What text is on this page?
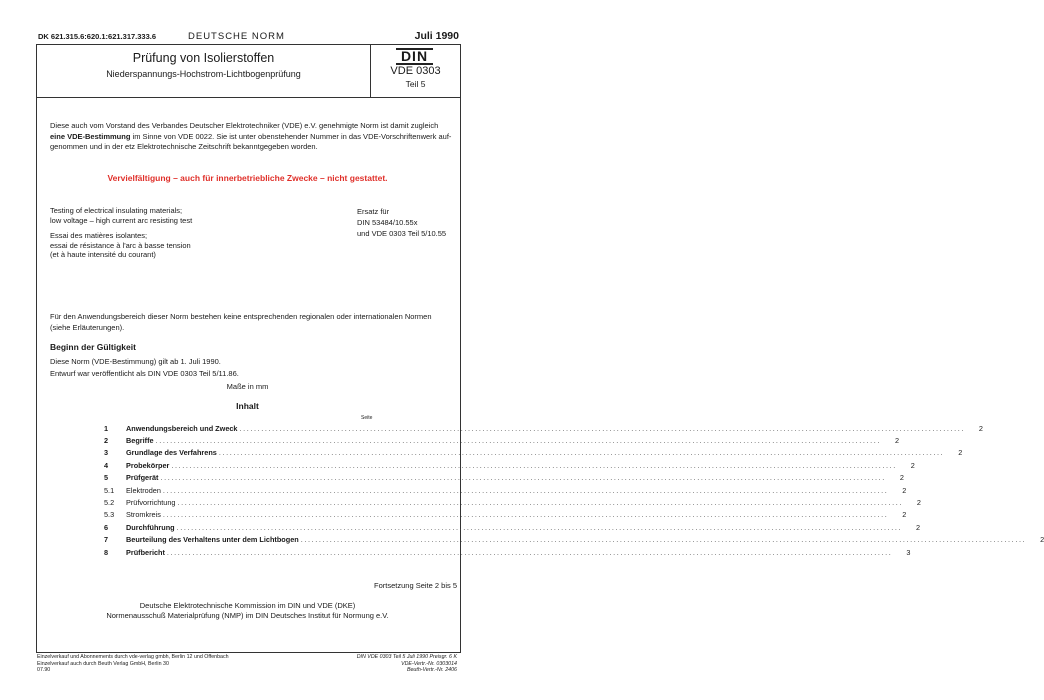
DK 621.315.6:620.1:621.317.333.6	DEUTSCHE NORM	Juli 1990
Prüfung von Isolierstoffen
Niederspannungs-Hochstrom-Lichtbogenprüfung
DIN
VDE 0303
Teil 5
Diese auch vom Vorstand des Verbandes Deutscher Elektrotechniker (VDE) e.V. genehmigte Norm ist damit zugleich
eine VDE-Bestimmung im Sinne von VDE 0022. Sie ist unter obenstehender Nummer in das VDE-Vorschriftenwerk auf-
genommen und in der etz Elektrotechnische Zeitschrift bekanntgegeben worden.
Vervielfältigung – auch für innerbetriebliche Zwecke – nicht gestattet.
Testing of electrical insulating materials;
low voltage – high current arc resisting test
Essai des matières isolantes;
essai de résistance à l'arc à basse tension
(et à haute intensité du courant)
Ersatz für
DIN 53484/10.55x
und VDE 0303 Teil 5/10.55
Für den Anwendungsbereich dieser Norm bestehen keine entsprechenden regionalen oder internationalen Normen
(siehe Erläuterungen).
Beginn der Gültigkeit
Diese Norm (VDE-Bestimmung) gilt ab 1. Juli 1990.
Entwurf war veröffentlicht als DIN VDE 0303 Teil 5/11.86.
Maße in mm
Inhalt
Seite
1	Anwendungsbereich und Zweck ........................................................................................................................................................................................................	2
2	Begriffe ........................................................................................................................................................................................................	2
3	Grundlage des Verfahrens ........................................................................................................................................................................................................	2
4	Probekörper ........................................................................................................................................................................................................	2
5	Prüfgerät ........................................................................................................................................................................................................	2
5.1	Elektroden ........................................................................................................................................................................................................	2
5.2	Prüfvorrichtung ........................................................................................................................................................................................................	2
5.3	Stromkreis ........................................................................................................................................................................................................	2
6	Durchführung ........................................................................................................................................................................................................	2
7	Beurteilung des Verhaltens unter dem Lichtbogen ........................................................................................................................................................................................................	2
8	Prüfbericht ........................................................................................................................................................................................................	3
Fortsetzung Seite 2 bis 5
Deutsche Elektrotechnische Kommission im DIN und VDE (DKE)
Normenausschuß Materialprüfung (NMP) im DIN Deutsches Institut für Normung e.V.
Einzelverkauf und Abonnements durch vde-verlag gmbh, Berlin 12 und Offenbach
Einzelverkauf auch durch Beuth Verlag GmbH, Berlin 30
07.90
DIN VDE 0303 Teil 5 Juli 1990 Preisgr. 6 K
VDE-Vertr.-Nr. 0303014
Beuth-Vertr.-Nr. 2406
